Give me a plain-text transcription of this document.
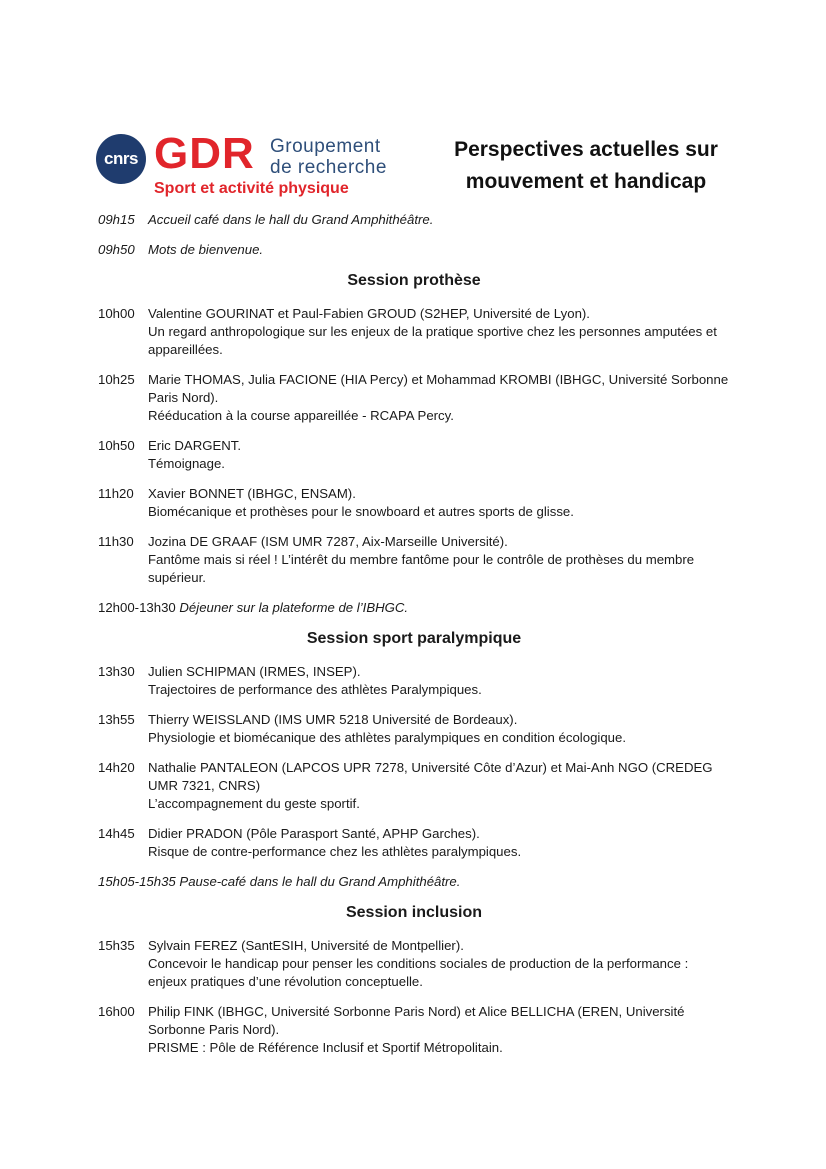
cnrs GDR Groupement
de recherche
Sport et activité physique
Perspectives actuelles sur
mouvement et handicap
09h15	Accueil café dans le hall du Grand Amphithéâtre.
09h50	Mots de bienvenue.
Session prothèse
10h00	Valentine GOURINAT et Paul-Fabien GROUD (S2HEP, Université de Lyon).
Un regard anthropologique sur les enjeux de la pratique sportive chez les personnes amputées et appareillées.
10h25	Marie THOMAS, Julia FACIONE (HIA Percy) et Mohammad KROMBI (IBHGC, Université Sorbonne Paris Nord).
Rééducation à la course appareillée - RCAPA Percy.
10h50	Eric DARGENT.
Témoignage.
11h20	Xavier BONNET (IBHGC, ENSAM).
Biomécanique et prothèses pour le snowboard et autres sports de glisse.
11h30	Jozina DE GRAAF (ISM UMR 7287, Aix-Marseille Université).
Fantôme mais si réel ! L’intérêt du membre fantôme pour le contrôle de prothèses du membre supérieur.
12h00-13h30 Déjeuner sur la plateforme de l’IBHGC.
Session sport paralympique
13h30	Julien SCHIPMAN (IRMES, INSEP).
Trajectoires de performance des athlètes Paralympiques.
13h55	Thierry WEISSLAND (IMS UMR 5218 Université de Bordeaux).
Physiologie et biomécanique des athlètes paralympiques en condition écologique.
14h20	Nathalie PANTALEON (LAPCOS UPR 7278, Université Côte d’Azur) et Mai-Anh NGO (CREDEG UMR 7321, CNRS)
L’accompagnement du geste sportif.
14h45	Didier PRADON (Pôle Parasport Santé, APHP Garches).
Risque de contre-performance chez les athlètes paralympiques.
15h05-15h35 Pause-café dans le hall du Grand Amphithéâtre.
Session inclusion
15h35	Sylvain FEREZ (SantESIH, Université de Montpellier).
Concevoir le handicap pour penser les conditions sociales de production de la performance : enjeux pratiques d’une révolution conceptuelle.
16h00	Philip FINK (IBHGC, Université Sorbonne Paris Nord) et Alice BELLICHA (EREN, Université Sorbonne Paris Nord).
PRISME : Pôle de Référence Inclusif et Sportif Métropolitain.
